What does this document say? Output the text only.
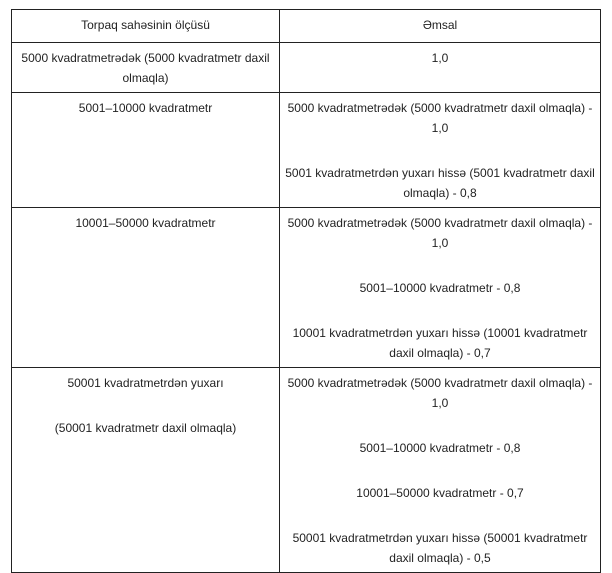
Torpaq sahəsinin ölçüsü	Əmsal

5000 kvadratmetrədək (5000 kvadratmetr daxil olmaqla)	1,0

5001–10000 kvadratmetr	5000 kvadratmetrədək (5000 kvadratmetr daxil olmaqla) - 1,0
5001 kvadratmetrdən yuxarı hissə (5001 kvadratmetr daxil olmaqla) - 0,8

10001–50000 kvadratmetr	5000 kvadratmetrədək (5000 kvadratmetr daxil olmaqla) - 1,0
5001–10000 kvadratmetr - 0,8
10001 kvadratmetrdən yuxarı hissə (10001 kvadratmetr daxil olmaqla) - 0,7

50001 kvadratmetrdən yuxarı
(50001 kvadratmetr daxil olmaqla)	5000 kvadratmetrədək (5000 kvadratmetr daxil olmaqla) - 1,0
5001–10000 kvadratmetr - 0,8
10001–50000 kvadratmetr - 0,7
50001 kvadratmetrdən yuxarı hissə (50001 kvadratmetr daxil olmaqla) - 0,5
